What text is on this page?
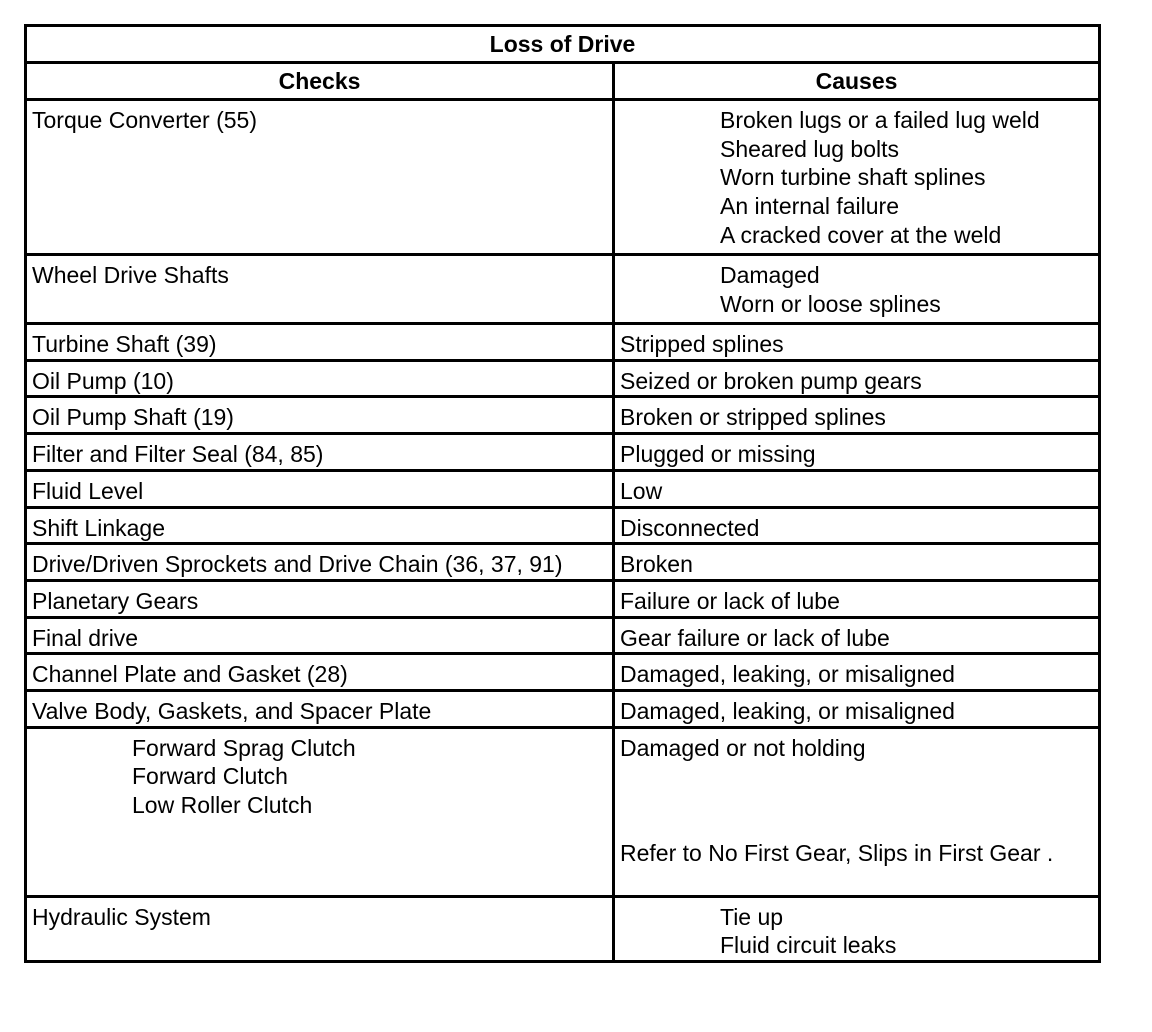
Loss of Drive	
Checks	Causes

Torque Converter (55)	Broken lugs or a failed lug weld
Sheared lug bolts
Worn turbine shaft splines
An internal failure
A cracked cover at the weld

Wheel Drive Shafts	Damaged
Worn or loose splines

Turbine Shaft (39)	Stripped splines

Oil Pump (10)	Seized or broken pump gears

Oil Pump Shaft (19)	Broken or stripped splines

Filter and Filter Seal (84, 85)	Plugged or missing

Fluid Level	Low

Shift Linkage	Disconnected

Drive/Driven Sprockets and Drive Chain (36, 37, 91)	Broken

Planetary Gears	Failure or lack of lube

Final drive	Gear failure or lack of lube

Channel Plate and Gasket (28)	Damaged, leaking, or misaligned

Valve Body, Gaskets, and Spacer Plate	Damaged, leaking, or misaligned

Forward Sprag Clutch
Forward Clutch
Low Roller Clutch	Damaged or not holding
Refer to No First Gear, Slips in First Gear .

Hydraulic System	Tie up
Fluid circuit leaks
